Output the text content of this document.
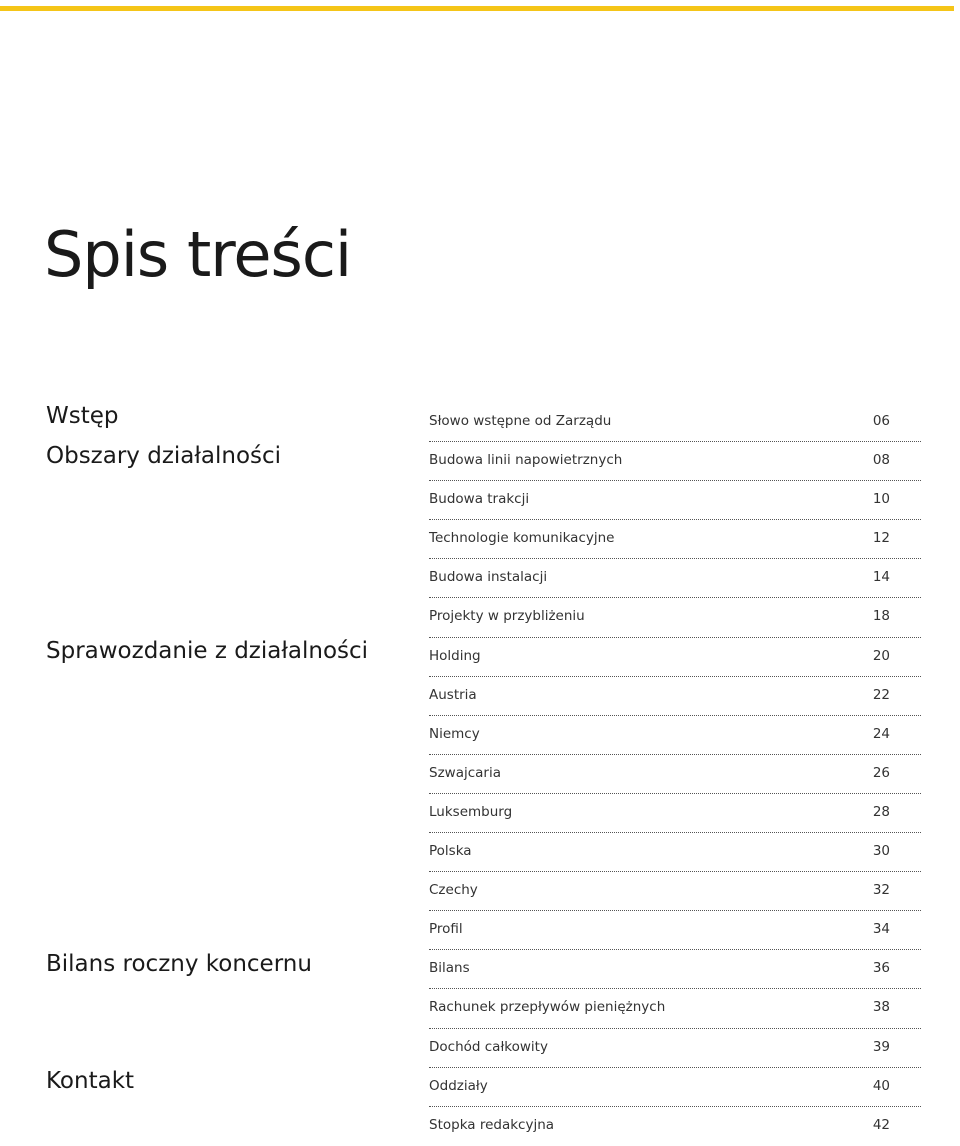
Spis treści
Wstęp
Obszary działalności
Sprawozdanie z działalności
Bilans roczny koncernu
Kontakt
Słowo wstępne od Zarządu	06
Budowa linii napowietrznych	08
Budowa trakcji	10
Technologie komunikacyjne	12
Budowa instalacji	14
Projekty w przybliżeniu	18
Holding	20
Austria	22
Niemcy	24
Szwajcaria	26
Luksemburg	28
Polska	30
Czechy	32
Profil	34
Bilans	36
Rachunek przepływów pieniężnych	38
Dochód całkowity	39
Oddziały	40
Stopka redakcyjna	42
